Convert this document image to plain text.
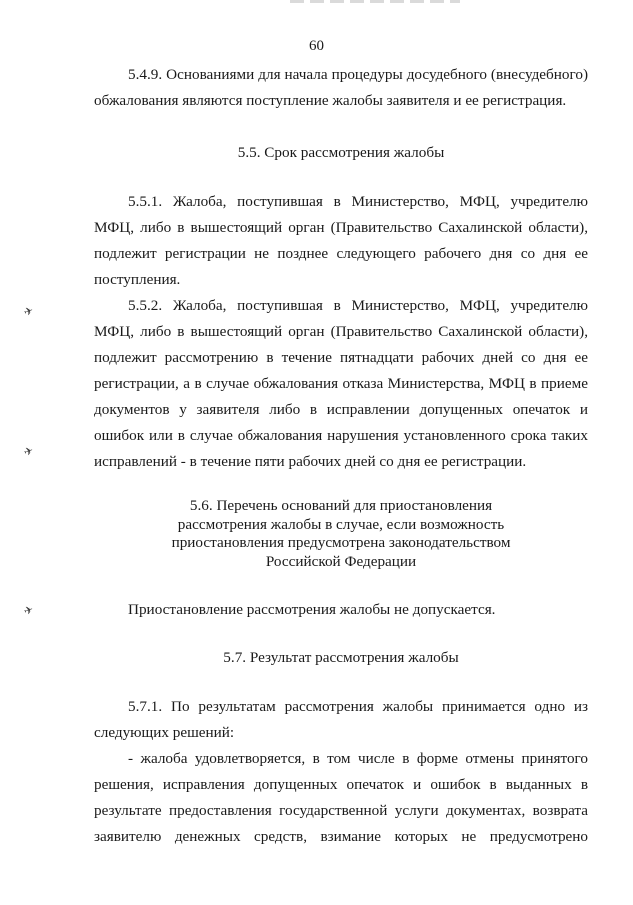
60
✈
✈
✈

5.4.9. Основаниями для начала процедуры досудебного (внесудебного) обжалования являются поступление жалобы заявителя и ее регистрация.

5.5. Срок рассмотрения жалобы

5.5.1. Жалоба, поступившая в Министерство, МФЦ, учредителю МФЦ, либо в вышестоящий орган (Правительство Сахалинской области), подлежит регистрации не позднее следующего рабочего дня со дня ее поступления.

5.5.2. Жалоба, поступившая в Министерство, МФЦ, учредителю МФЦ, либо в вышестоящий орган (Правительство Сахалинской области), подлежит рассмотрению в течение пятнадцати рабочих дней со дня ее регистрации, а в случае обжалования отказа Министерства, МФЦ в приеме документов у заявителя либо в исправлении допущенных опечаток и ошибок или в случае обжалования нарушения установленного срока таких исправлений - в течение пяти рабочих дней со дня ее регистрации.

5.6. Перечень оснований для приостановления
рассмотрения жалобы в случае, если возможность
приостановления предусмотрена законодательством
Российской Федерации

Приостановление рассмотрения жалобы не допускается.

5.7. Результат рассмотрения жалобы

5.7.1. По результатам рассмотрения жалобы принимается одно из следующих решений:

- жалоба удовлетворяется, в том числе в форме отмены принятого решения, исправления допущенных опечаток и ошибок в выданных в результате предоставления государственной услуги документах, возврата заявителю денежных средств, взимание которых не предусмотрено
